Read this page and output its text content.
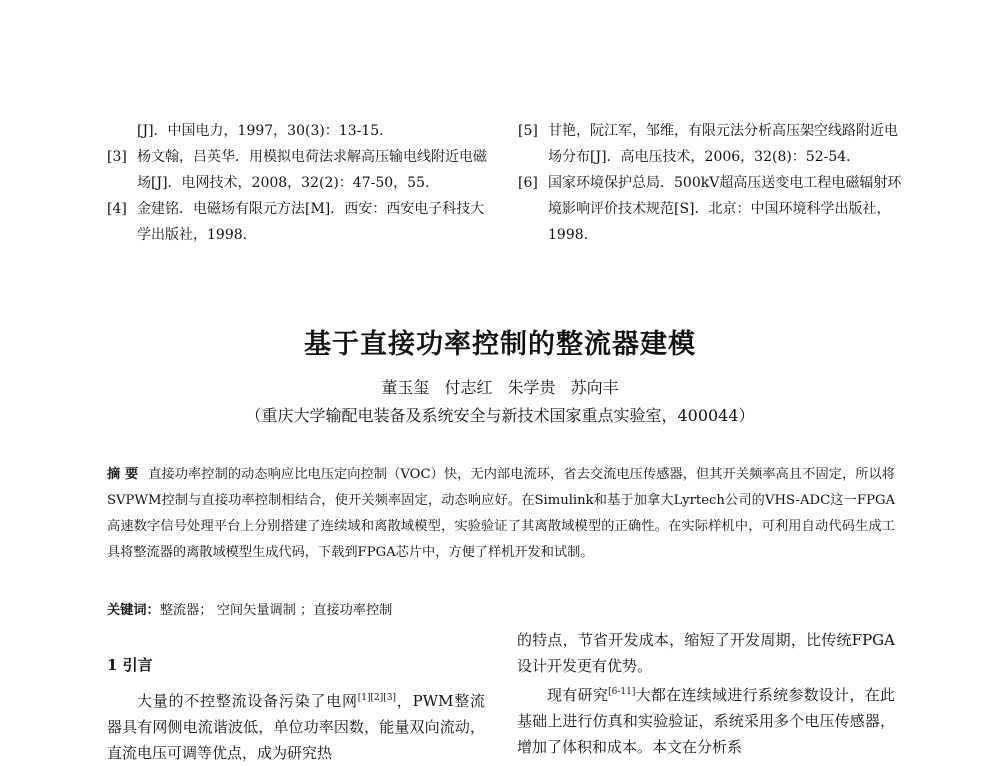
[J]．中国电力，1997，30(3)：13-15.
[3] 杨文翰，吕英华．用模拟电荷法求解高压输电线附近电磁场[J]．电网技术，2008，32(2)：47-50，55.
[4] 金建铭．电磁场有限元方法[M]．西安：西安电子科技大学出版社，1998.
[5] 甘艳，阮江军，邹维，有限元法分析高压架空线路附近电场分布[J]．高电压技术，2006，32(8)：52-54.
[6] 国家环境保护总局．500kV超高压送变电工程电磁辐射环境影响评价技术规范[S]．北京：中国环境科学出版社，1998.
基于直接功率控制的整流器建模
董玉玺 付志红 朱学贵 苏向丰
（重庆大学输配电装备及系统安全与新技术国家重点实验室，400044）
摘 要 直接功率控制的动态响应比电压定向控制（VOC）快，无内部电流环，省去交流电压传感器，但其开关频率高且不固定，所以将SVPWM控制与直接功率控制相结合，使开关频率固定，动态响应好。在Simulink和基于加拿大Lyrtech公司的VHS-ADC这一FPGA高速数字信号处理平台上分别搭建了连续域和离散域模型，实验验证了其离散域模型的正确性。在实际样机中，可利用自动代码生成工具将整流器的离散域模型生成代码，下载到FPGA芯片中，方便了样机开发和试制。
关键词：整流器； 空间矢量调制 ；直接功率控制
1 引言

大量的不控整流设备污染了电网[1][2][3]，PWM整流器具有网侧电流谐波低，单位功率因数，能量双向流动，直流电压可调等优点，成为研究热

的特点，节省开发成本，缩短了开发周期，比传统FPGA设计开发更有优势。

现有研究[6-11]大都在连续域进行系统参数设计，在此基础上进行仿真和实验验证，系统采用多个电压传感器，增加了体积和成本。本文在分析系
